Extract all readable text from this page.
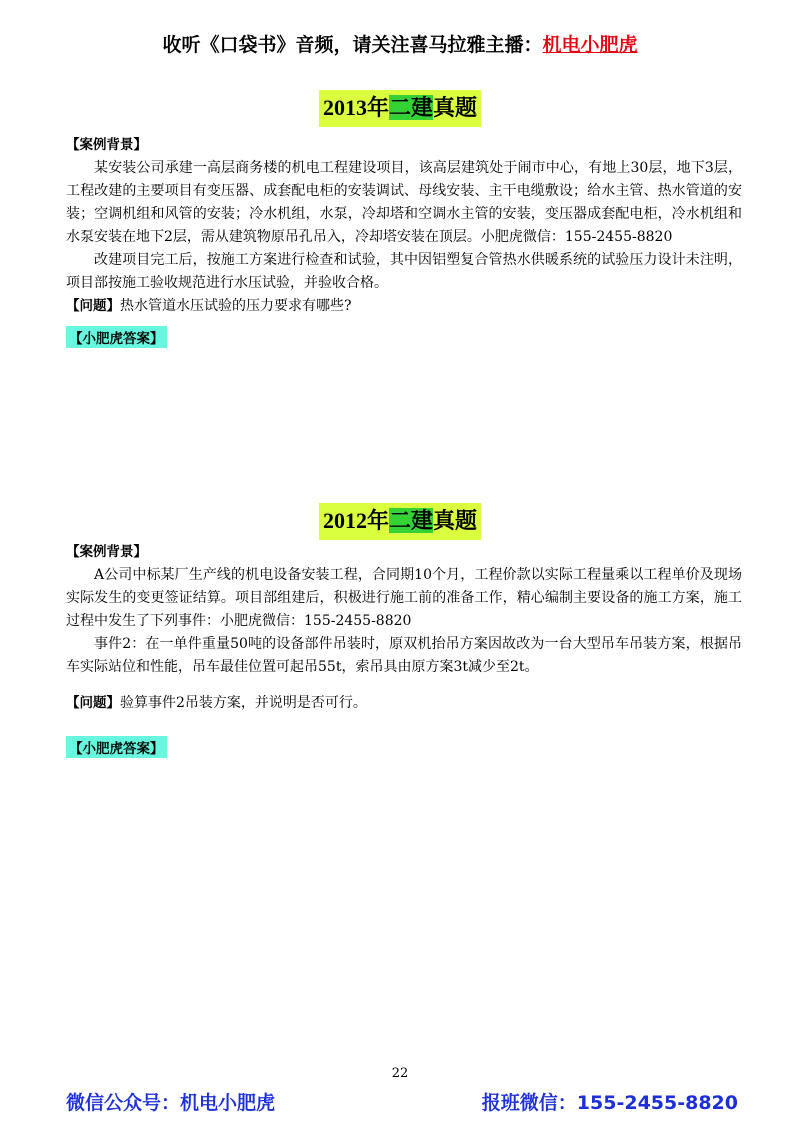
收听《口袋书》音频，请关注喜马拉雅主播：机电小肥虎
2013年二建真题
【案例背景】

某安装公司承建一高层商务楼的机电工程建设项目，该高层建筑处于闹市中心，有地上30层，地下3层，工程改建的主要项目有变压器、成套配电柜的安装调试、母线安装、主干电缆敷设；给水主管、热水管道的安装；空调机组和风管的安装；冷水机组，水泵，冷却塔和空调水主管的安装，变压器成套配电柜，冷水机组和水泵安装在地下2层，需从建筑物原吊孔吊入，冷却塔安装在顶层。小肥虎微信：155-2455-8820

改建项目完工后，按施工方案进行检查和试验，其中因铝塑复合管热水供暖系统的试验压力设计未注明，项目部按施工验收规范进行水压试验，并验收合格。

【问题】热水管道水压试验的压力要求有哪些?

【小肥虎答案】
2012年二建真题
【案例背景】

A公司中标某厂生产线的机电设备安装工程，合同期10个月，工程价款以实际工程量乘以工程单价及现场实际发生的变更签证结算。项目部组建后，积极进行施工前的准备工作，精心编制主要设备的施工方案，施工过程中发生了下列事件：小肥虎微信：155-2455-8820

事件2：在一单件重量50吨的设备部件吊装时，原双机抬吊方案因故改为一台大型吊车吊装方案，根据吊车实际站位和性能，吊车最佳位置可起吊55t，索吊具由原方案3t减少至2t。

【问题】验算事件2吊装方案，并说明是否可行。

【小肥虎答案】
22
微信公众号：机电小肥虎	报班微信：155-2455-8820
